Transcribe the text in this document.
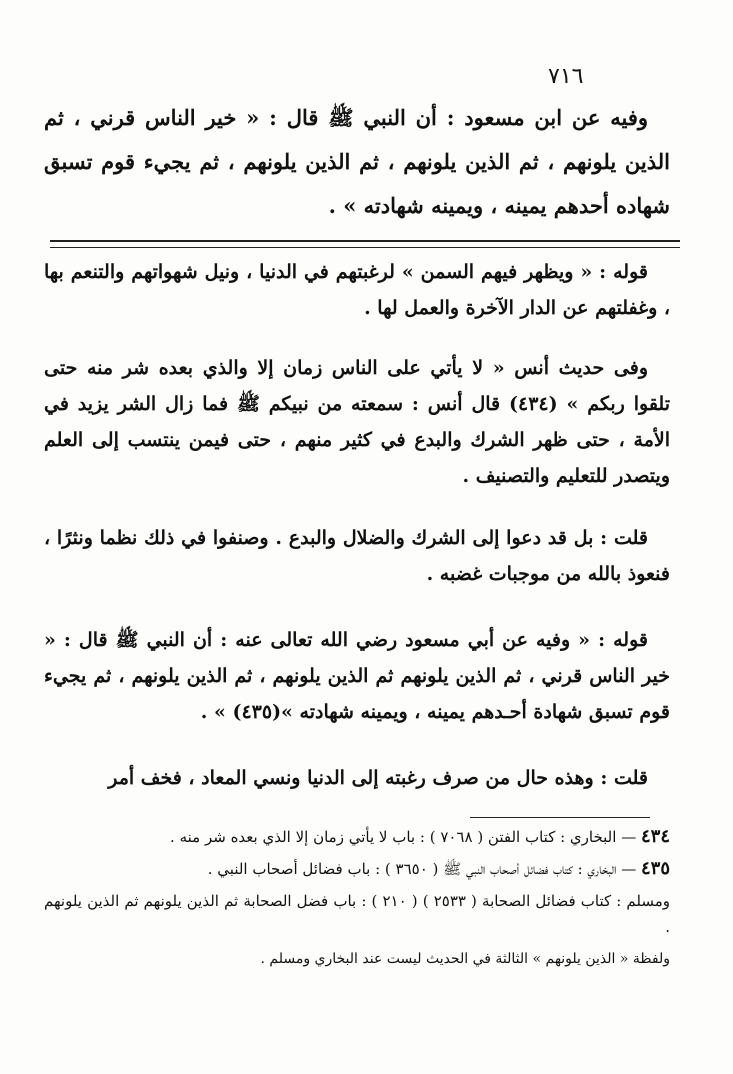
٧١٦

وفيه عن ابن مسعود : أن النبي ﷺ قال : « خير الناس قرني ، ثم الذين يلونهم ، ثم الذين يلونهم ، ثم الذين يلونهم ، ثم يجيء قوم تسبق شهاده أحدهم يمينه ، ويمينه شهادته » .

قوله : « ويظهر فيهم السمن » لرغبتهم في الدنيا ، ونيل شهواتهم والتنعم بها ، وغفلتهم عن الدار الآخرة والعمل لها .

وفى حديث أنس « لا يأتي على الناس زمان إلا والذي بعده شر منه حتى تلقوا ربكم » (٤٣٤) قال أنس : سمعته من نبيكم ﷺ فما زال الشر يزيد في الأمة ، حتى ظهر الشرك والبدع في كثير منهم ، حتى فيمن ينتسب إلى العلم ويتصدر للتعليم والتصنيف .

قلت : بل قد دعوا إلى الشرك والضلال والبدع . وصنفوا في ذلك نظما ونثرًا ، فنعوذ بالله من موجبات غضبه .

قوله : « وفيه عن أبي مسعود رضي الله تعالى عنه : أن النبي ﷺ قال : « خير الناس قرني ، ثم الذين يلونهم ثم الذين يلونهم ، ثم الذين يلونهم ، ثم يجيء قوم تسبق شهادة أحـدهم يمينه ، ويمينه شهادته »(٤٣٥) » .

قلت : وهذه حال من صرف رغبته إلى الدنيا ونسي المعاد ، فخف أمر

٤٣٤ — البخاري : كتاب الفتن ( ٧٠٦٨ ) : باب لا يأتي زمان إلا الذي بعده شر منه .

٤٣٥ — البخاري : كتاب فضائل أصحاب النبي ﷺ ( ٣٦٥٠ ) : باب فضائل أصحاب النبي .

ومسلم : كتاب فضائل الصحابة ( ٢٥٣٣ ) ( ٢١٠ ) : باب فضل الصحابة ثم الذين يلونهم ثم الذين يلونهم .

ولفظة « الذين يلونهم » الثالثة في الحديث ليست عند البخاري ومسلم .
